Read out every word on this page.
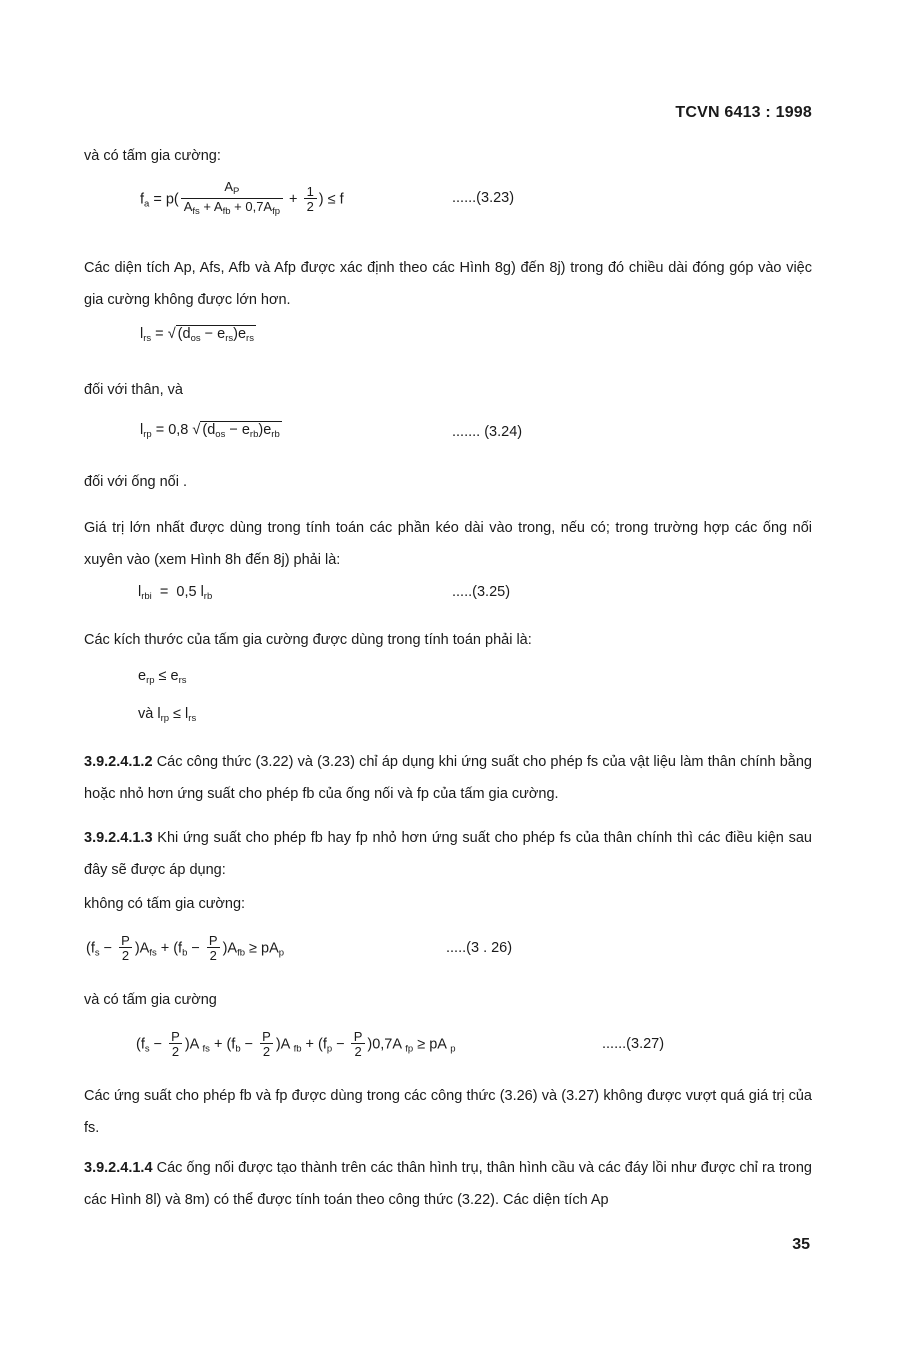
TCVN 6413 : 1998
và có tấm gia cường:
$f_a = p( \frac{A_P}{A_{fs} + A_{fb} + 0,7A_{fp}} + \frac{1}{2}$ ) ≤ f	......(3.23)
Các diện tích Ap, Afs, Afb và Afp được xác định theo các Hình 8g) đến 8j) trong đó chiều dài đóng góp vào việc gia cường không được lớn hơn.
$l_{rs}$ = √ $(d_{os} - e_{rs})e_{rs}$
đối với thân, và
$l_{rp} = 0,8$ √ $(d_{os} - e_{rb})e_{rb}$	....... (3.24)
đối với ống nối .
Giá trị lớn nhất được dùng trong tính toán các phần kéo dài vào trong, nếu có; trong trường hợp các ống nối xuyên vào (xem Hình 8h đến 8j) phải là:
$l_{rbi} = 0,5$ $l_{rb}$	.....(3.25)
Các kích thước của tấm gia cường được dùng trong tính toán phải là:
$e_{rp} \le e_{rs}$
và $l_{rp} \le l_{rs}$
3.9.2.4.1.2 Các công thức (3.22) và (3.23) chỉ áp dụng khi ứng suất cho phép fs của vật liệu làm thân chính bằng hoặc nhỏ hơn ứng suất cho phép fb của ống nối và fp của tấm gia cường.
3.9.2.4.1.3 Khi ứng suất cho phép fb hay fp nhỏ hơn ứng suất cho phép fs của thân chính thì các điều kiện sau đây sẽ được áp dụng:
không có tấm gia cường:
$(f_s - \frac{P}{2} )A_{fs} + (f_b - \frac{P}{2} )A_{fb} \ge pA_p$	.....(3 . 26)
và có tấm gia cường
$(f_s - \frac{P}{2} )A$ $_{fs} + (f_b - \frac{P}{2} )A$ $_{fb} + (f_p - \frac{P}{2} )0,7A$ $_{fp}$ ≥ pA $_p$	......(3.27)
Các ứng suất cho phép fb và fp được dùng trong các công thức (3.26) và (3.27) không được vượt quá giá trị của fs.
3.9.2.4.1.4 Các ống nối được tạo thành trên các thân hình trụ, thân hình cầu và các đáy lồi như được chỉ ra trong các Hình 8l) và 8m) có thể được tính toán theo công thức (3.22). Các diện tích Ap
35
